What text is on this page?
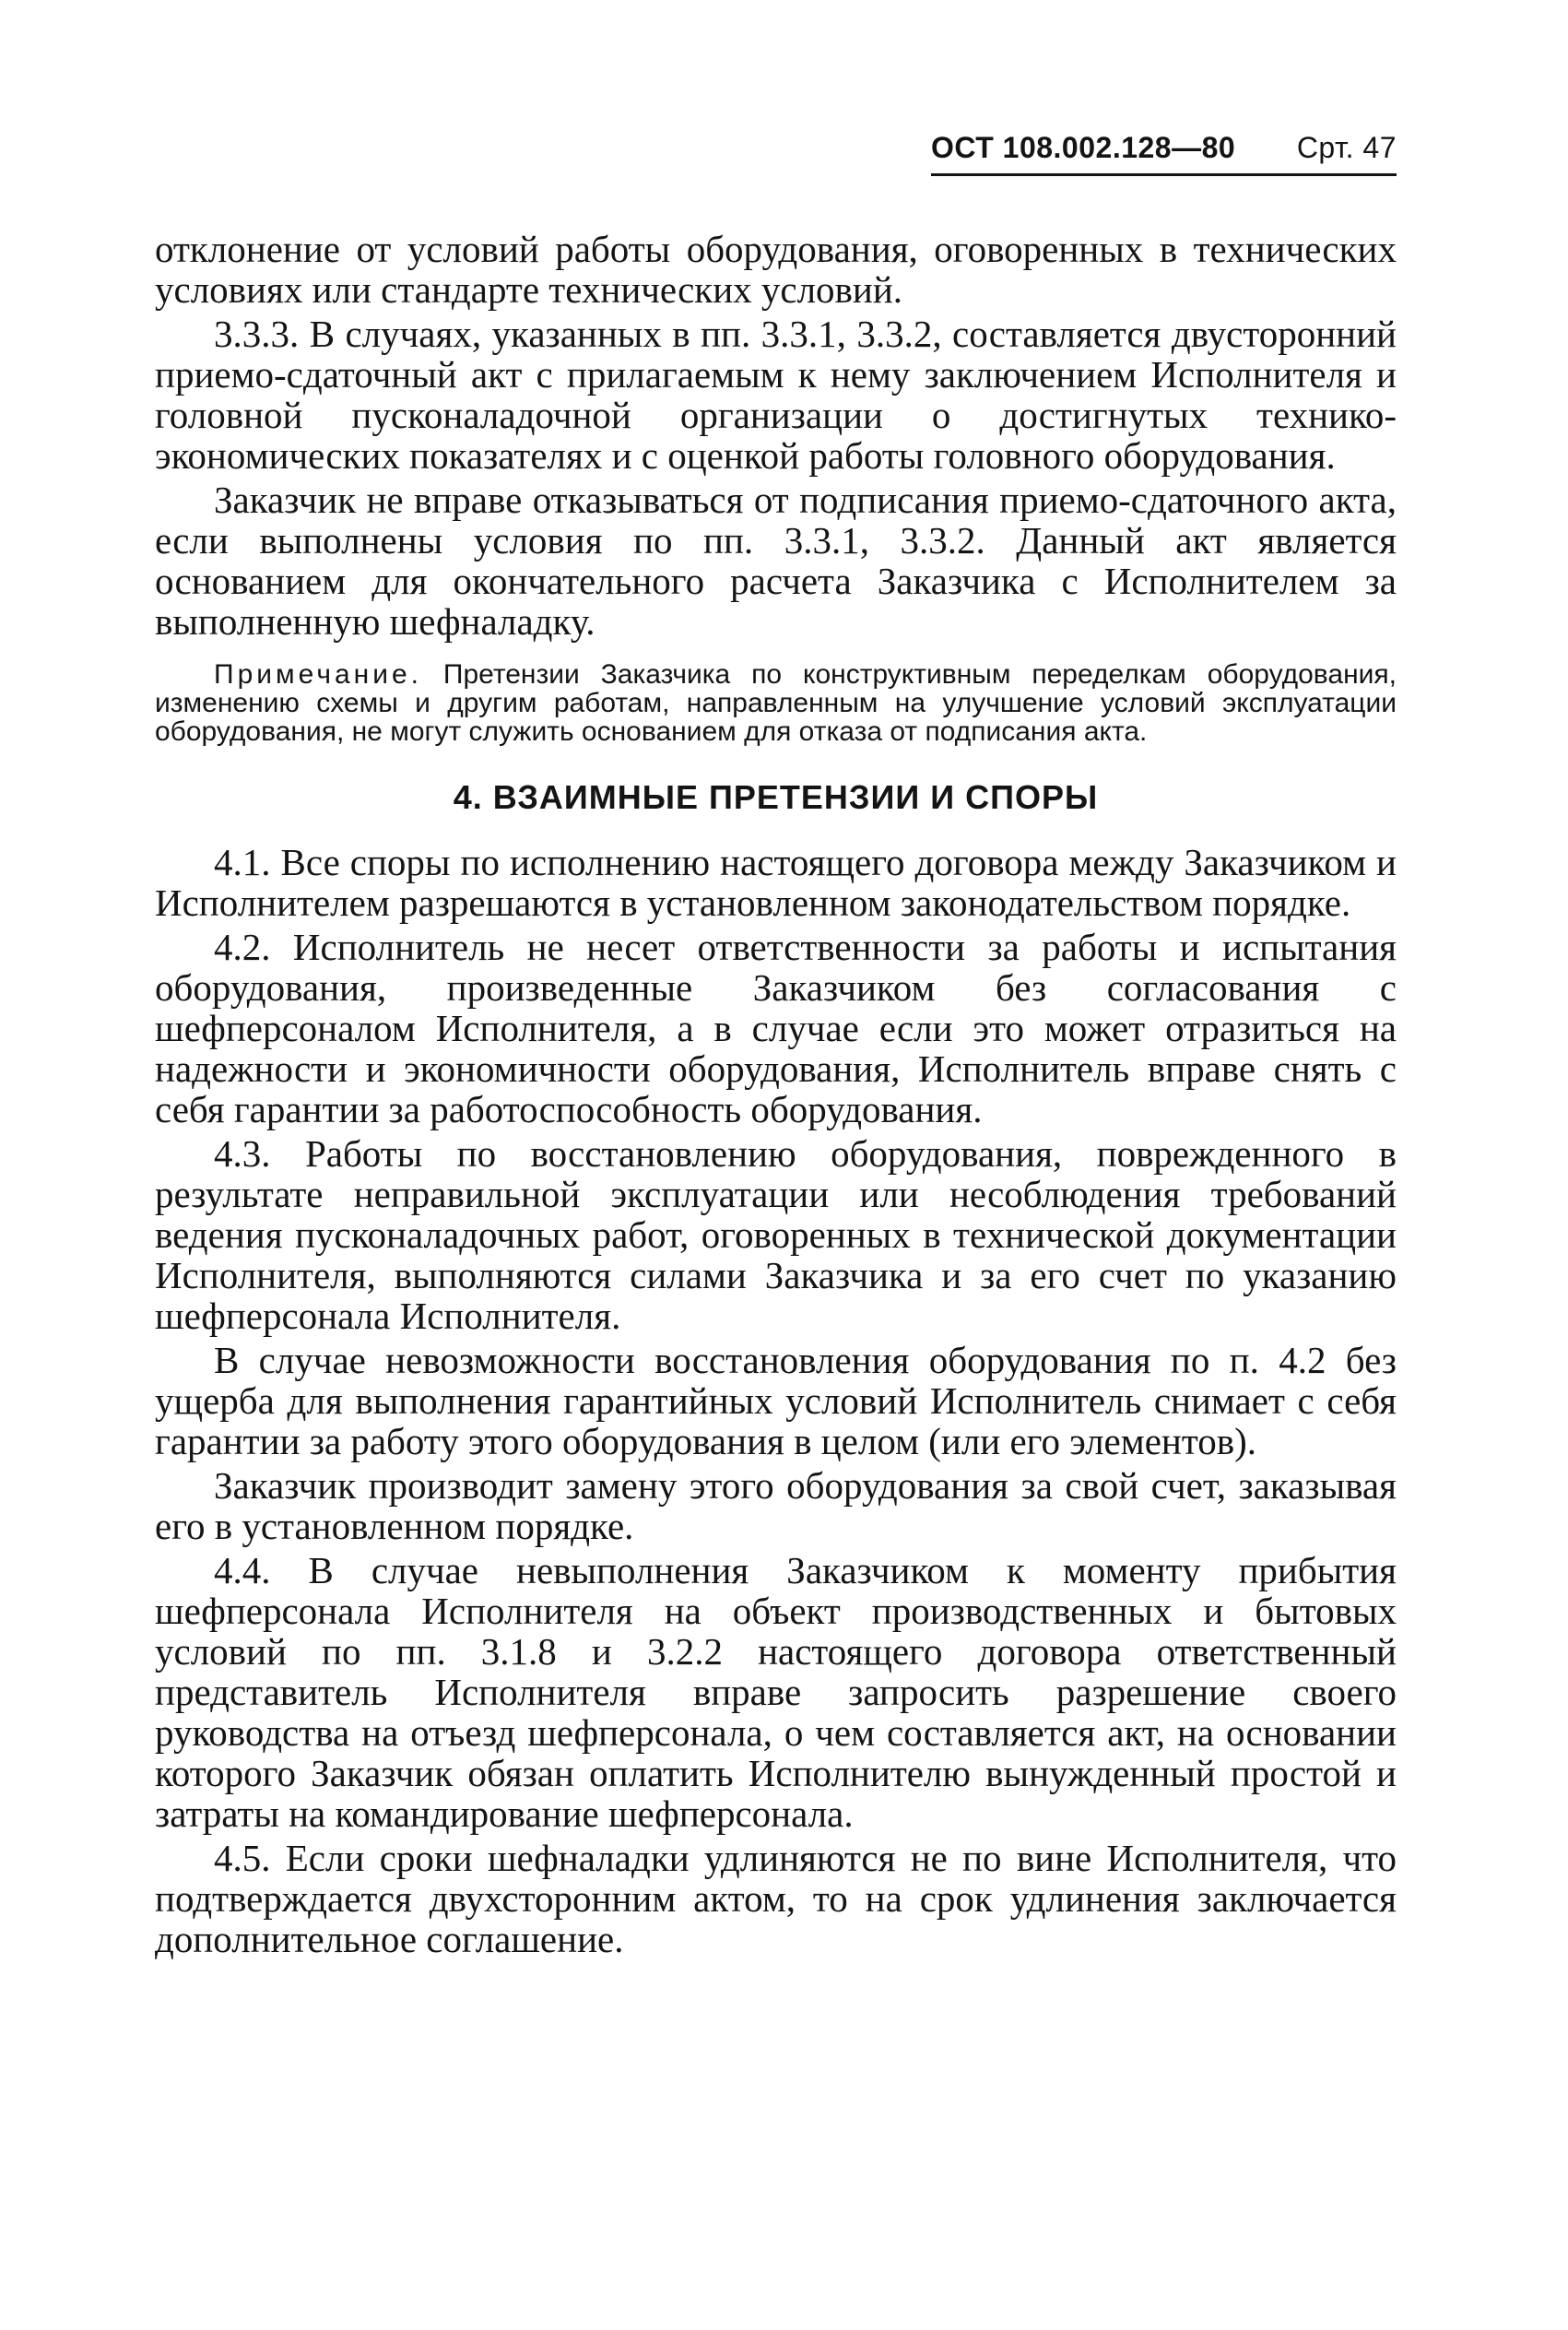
ОСТ 108.002.128—80 Срт. 47

отклонение от условий работы оборудования, оговоренных в технических условиях или стандарте технических условий.

3.3.3. В случаях, указанных в пп. 3.3.1, 3.3.2, составляется двусторонний приемо-сдаточный акт с прилагаемым к нему заключением Исполнителя и головной пусконаладочной организации о достигнутых технико-экономических показателях и с оценкой работы головного оборудования.

Заказчик не вправе отказываться от подписания приемо-сдаточного акта, если выполнены условия по пп. 3.3.1, 3.3.2. Данный акт является основанием для окончательного расчета Заказчика с Исполнителем за выполненную шефналадку.

Примечание. Претензии Заказчика по конструктивным переделкам оборудования, изменению схемы и другим работам, направленным на улучшение условий эксплуатации оборудования, не могут служить основанием для отказа от подписания акта.
4. ВЗАИМНЫЕ ПРЕТЕНЗИИ И СПОРЫ

4.1. Все споры по исполнению настоящего договора между Заказчиком и Исполнителем разрешаются в установленном законодательством порядке.

4.2. Исполнитель не несет ответственности за работы и испытания оборудования, произведенные Заказчиком без согласования с шефперсоналом Исполнителя, а в случае если это может отразиться на надежности и экономичности оборудования, Исполнитель вправе снять с себя гарантии за работоспособность оборудования.

4.3. Работы по восстановлению оборудования, поврежденного в результате неправильной эксплуатации или несоблюдения требований ведения пусконаладочных работ, оговоренных в технической документации Исполнителя, выполняются силами Заказчика и за его счет по указанию шефперсонала Исполнителя.

В случае невозможности восстановления оборудования по п. 4.2 без ущерба для выполнения гарантийных условий Исполнитель снимает с себя гарантии за работу этого оборудования в целом (или его элементов).

Заказчик производит замену этого оборудования за свой счет, заказывая его в установленном порядке.

4.4. В случае невыполнения Заказчиком к моменту прибытия шефперсонала Исполнителя на объект производственных и бытовых условий по пп. 3.1.8 и 3.2.2 настоящего договора ответственный представитель Исполнителя вправе запросить разрешение своего руководства на отъезд шефперсонала, о чем составляется акт, на основании которого Заказчик обязан оплатить Исполнителю вынужденный простой и затраты на командирование шефперсонала.

4.5. Если сроки шефналадки удлиняются не по вине Исполнителя, что подтверждается двухсторонним актом, то на срок удлинения заключается дополнительное соглашение.
